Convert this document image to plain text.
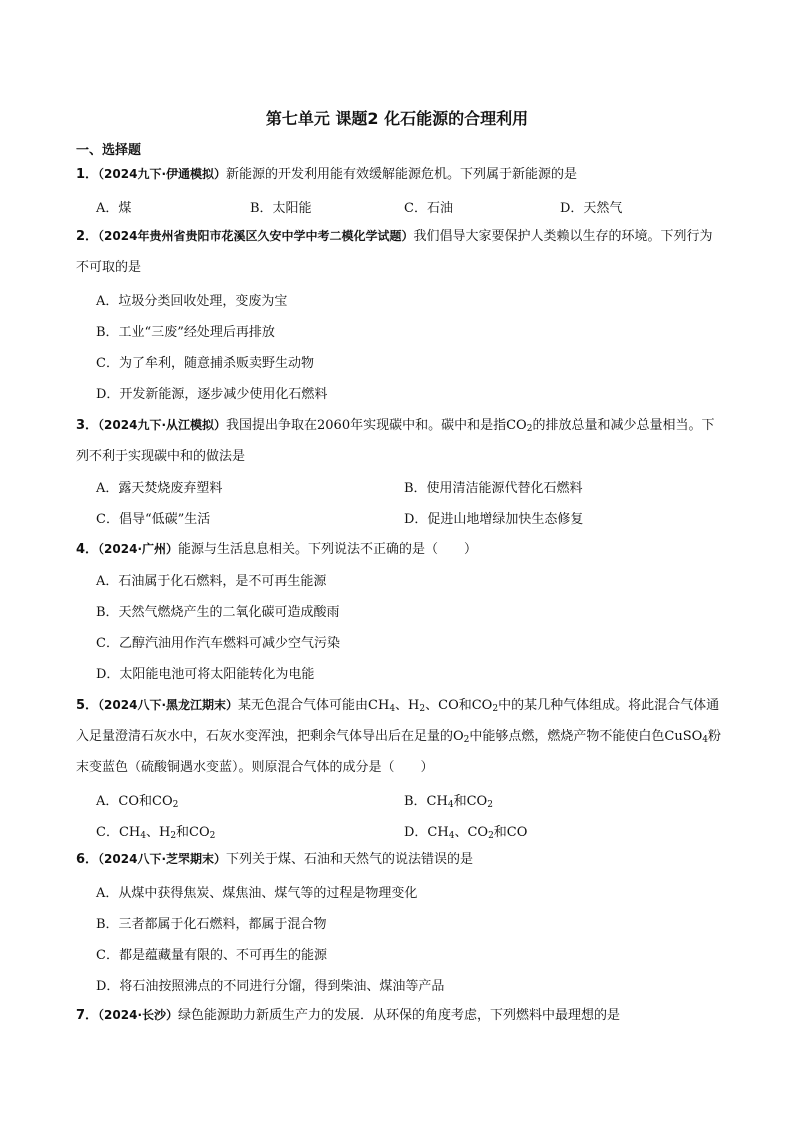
第七单元 课题2 化石能源的合理利用
一、选择题
1．（2024九下·伊通模拟）新能源的开发利用能有效缓解能源危机。下列属于新能源的是
A．煤	B．太阳能	C．石油	D．天然气
2．（2024年贵州省贵阳市花溪区久安中学中考二模化学试题）我们倡导大家要保护人类赖以生存的环境。下列行为不可取的是
A．垃圾分类回收处理，变废为宝
B．工业“三废”经处理后再排放
C．为了牟利，随意捕杀贩卖野生动物
D．开发新能源，逐步减少使用化石燃料
3．（2024九下·从江模拟）我国提出争取在2060年实现碳中和。碳中和是指$CO_2$的排放总量和减少总量相当。下列不利于实现碳中和的做法是
A．露天焚烧废弃塑料	B．使用清洁能源代替化石燃料
C．倡导“低碳”生活	D．促进山地增绿加快生态修复
4．（2024·广州）能源与生活息息相关。下列说法不正确的是（　　）
A．石油属于化石燃料，是不可再生能源
B．天然气燃烧产生的二氧化碳可造成酸雨
C．乙醇汽油用作汽车燃料可减少空气污染
D．太阳能电池可将太阳能转化为电能
5．（2024八下·黑龙江期末）某无色混合气体可能由$CH_4$、$H_2$、CO和$CO_2$中的某几种气体组成。将此混合气体通入足量澄清石灰水中，石灰水变浑浊，把剩余气体导出后在足量的$O_2$中能够点燃，燃烧产物不能使白色CuSO$_4$粉末变蓝色（硫酸铜遇水变蓝）。则原混合气体的成分是（　　）
A．CO和$CO_2$	B．$CH_4$和$CO_2$
C．$CH_4$、$H_2$和$CO_2$	D．$CH_4$、$CO_2$和CO
6．（2024八下·芝罘期末）下列关于煤、石油和天然气的说法错误的是
A．从煤中获得焦炭、煤焦油、煤气等的过程是物理变化
B．三者都属于化石燃料，都属于混合物
C．都是蕴藏量有限的、不可再生的能源
D．将石油按照沸点的不同进行分馏，得到柴油、煤油等产品
7．（2024·长沙）绿色能源助力新质生产力的发展．从环保的角度考虑，下列燃料中最理想的是
